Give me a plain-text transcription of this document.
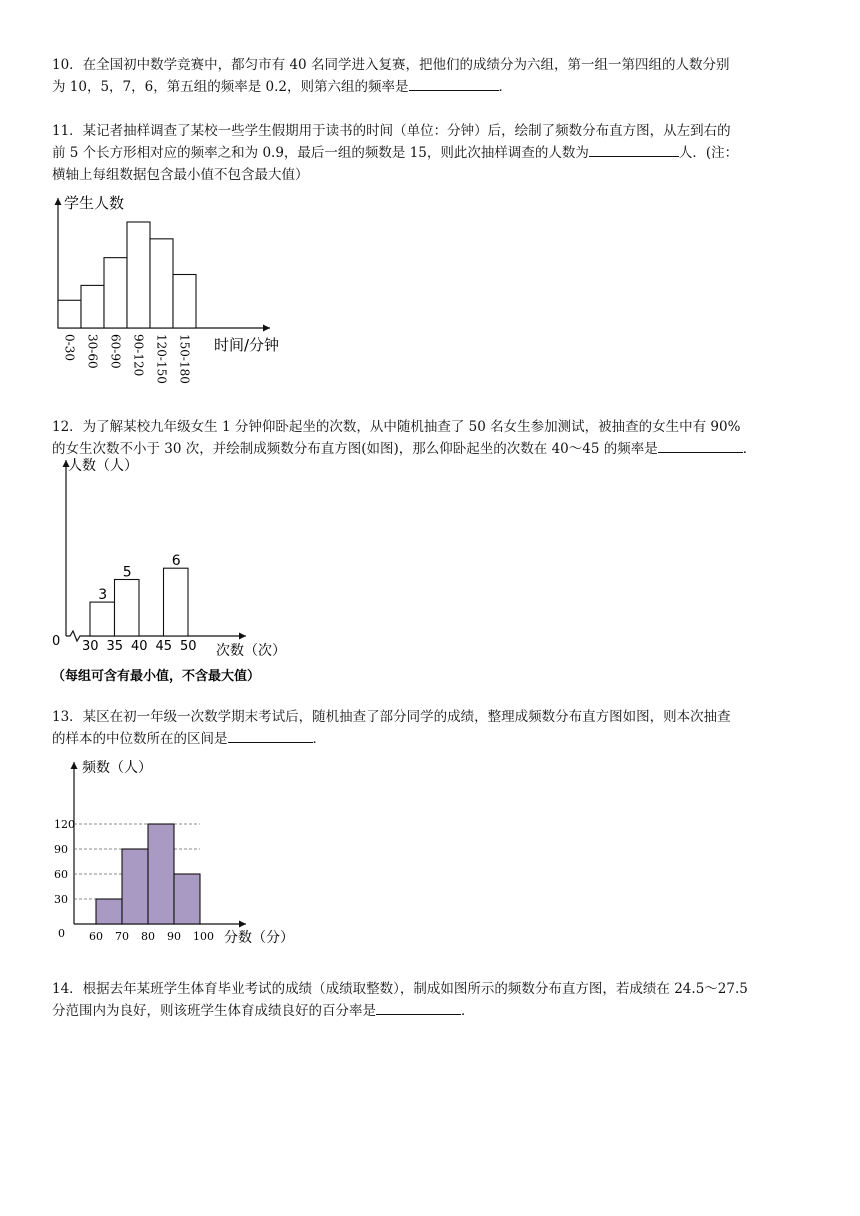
10．在全国初中数学竞赛中，都匀市有 40 名同学进入复赛，把他们的成绩分为六组，第一组一第四组的人数分别

为 10，5，7，6，第五组的频率是 0.2，则第六组的频率是	．

11．某记者抽样调查了某校一些学生假期用于读书的时间（单位：分钟）后，绘制了频数分布直方图，从左到右的

前 5 个长方形相对应的频率之和为 0.9，最后一组的频数是 15，则此次抽样调查的人数为	人．(注：

横轴上每组数据包含最小值不包含最大值）

学生人数
时间/分钟
0-30 30-60 60-90 90-120 120-150 150-180

12．为了解某校九年级女生 1 分钟仰卧起坐的次数，从中随机抽查了 50 名女生参加测试，被抽查的女生中有 90%

的女生次数不小于 30 次，并绘制成频数分布直方图(如图)，那么仰卧起坐的次数在 40～45 的频率是	．

人数（人）
0
次数（次）
（每组可含有最小值，不含最大值）
3
5
6
30 35 40 45 50

13．某区在初一年级一次数学期末考试后，随机抽查了部分同学的成绩，整理成频数分布直方图如图，则本次抽查

的样本的中位数所在的区间是	．

频数（人）
0	分数（分）
30
60
90
120
60 70 80 90 100

14．根据去年某班学生体育毕业考试的成绩（成绩取整数），制成如图所示的频数分布直方图，若成绩在 24.5～27.5

分范围内为良好，则该班学生体育成绩良好的百分率是	．
